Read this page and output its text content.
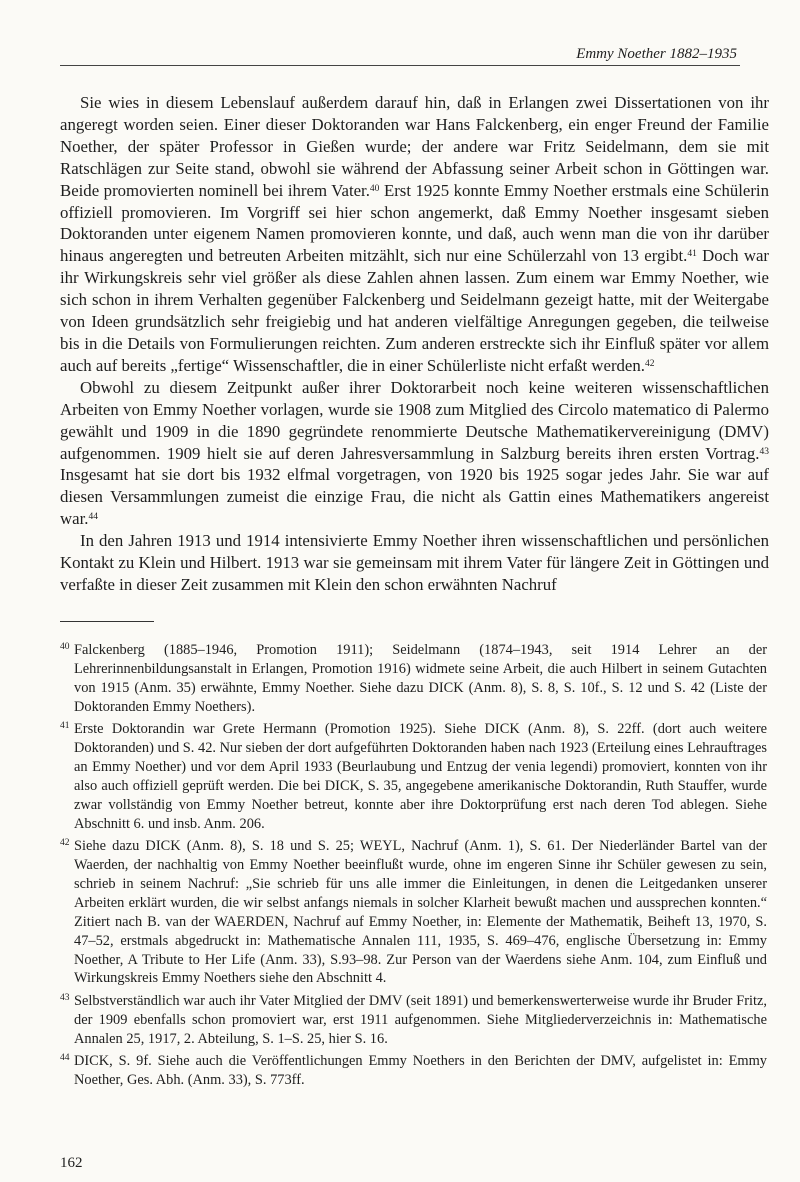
Emmy Noether 1882–1935

Sie wies in diesem Lebenslauf außerdem darauf hin, daß in Erlangen zwei Dissertationen von ihr angeregt worden seien. Einer dieser Doktoranden war Hans Falckenberg, ein enger Freund der Familie Noether, der später Professor in Gießen wurde; der andere war Fritz Seidelmann, dem sie mit Ratschlägen zur Seite stand, obwohl sie während der Abfassung seiner Arbeit schon in Göttingen war. Beide promovierten nominell bei ihrem Vater.$^{40}$ Erst 1925 konnte Emmy Noether erstmals eine Schülerin offiziell promovieren. Im Vorgriff sei hier schon angemerkt, daß Emmy Noether insgesamt sieben Doktoranden unter eigenem Namen promovieren konnte, und daß, auch wenn man die von ihr darüber hinaus angeregten und betreuten Arbeiten mitzählt, sich nur eine Schülerzahl von 13 ergibt.$^{41}$ Doch war ihr Wirkungskreis sehr viel größer als diese Zahlen ahnen lassen. Zum einem war Emmy Noether, wie sich schon in ihrem Verhalten gegenüber Falckenberg und Seidelmann gezeigt hatte, mit der Weitergabe von Ideen grundsätzlich sehr freigiebig und hat anderen vielfältige Anregungen gegeben, die teilweise bis in die Details von Formulierungen reichten. Zum anderen erstreckte sich ihr Einfluß später vor allem auch auf bereits „fertige“ Wissenschaftler, die in einer Schülerliste nicht erfaßt werden.$^{42}$

Obwohl zu diesem Zeitpunkt außer ihrer Doktorarbeit noch keine weiteren wissenschaftlichen Arbeiten von Emmy Noether vorlagen, wurde sie 1908 zum Mitglied des Circolo matematico di Palermo gewählt und 1909 in die 1890 gegründete renommierte Deutsche Mathematikervereinigung (DMV) aufgenommen. 1909 hielt sie auf deren Jahresversammlung in Salzburg bereits ihren ersten Vortrag.$^{43}$ Insgesamt hat sie dort bis 1932 elfmal vorgetragen, von 1920 bis 1925 sogar jedes Jahr. Sie war auf diesen Versammlungen zumeist die einzige Frau, die nicht als Gattin eines Mathematikers angereist war.$^{44}$

In den Jahren 1913 und 1914 intensivierte Emmy Noether ihren wissenschaftlichen und persönlichen Kontakt zu Klein und Hilbert. 1913 war sie gemeinsam mit ihrem Vater für längere Zeit in Göttingen und verfaßte in dieser Zeit zusammen mit Klein den schon erwähnten Nachruf

40 Falckenberg (1885–1946, Promotion 1911); Seidelmann (1874–1943, seit 1914 Lehrer an der Lehrerinnenbildungsanstalt in Erlangen, Promotion 1916) widmete seine Arbeit, die auch Hilbert in seinem Gutachten von 1915 (Anm. 35) erwähnte, Emmy Noether. Siehe dazu DICK (Anm. 8), S. 8, S. 10f., S. 12 und S. 42 (Liste der Doktoranden Emmy Noethers).
41 Erste Doktorandin war Grete Hermann (Promotion 1925). Siehe DICK (Anm. 8), S. 22ff. (dort auch weitere Doktoranden) und S. 42. Nur sieben der dort aufgeführten Doktoranden haben nach 1923 (Erteilung eines Lehrauftrages an Emmy Noether) und vor dem April 1933 (Beurlaubung und Entzug der venia legendi) promoviert, konnten von ihr also auch offiziell geprüft werden. Die bei DICK, S. 35, angegebene amerikanische Doktorandin, Ruth Stauffer, wurde zwar vollständig von Emmy Noether betreut, konnte aber ihre Doktorprüfung erst nach deren Tod ablegen. Siehe Abschnitt 6. und insb. Anm. 206.
42 Siehe dazu DICK (Anm. 8), S. 18 und S. 25; WEYL, Nachruf (Anm. 1), S. 61. Der Niederländer Bartel van der Waerden, der nachhaltig von Emmy Noether beeinflußt wurde, ohne im engeren Sinne ihr Schüler gewesen zu sein, schrieb in seinem Nachruf: „Sie schrieb für uns alle immer die Einleitungen, in denen die Leitgedanken unserer Arbeiten erklärt wurden, die wir selbst anfangs niemals in solcher Klarheit bewußt machen und aussprechen konnten.“ Zitiert nach B. van der WAERDEN, Nachruf auf Emmy Noether, in: Elemente der Mathematik, Beiheft 13, 1970, S. 47–52, erstmals abgedruckt in: Mathematische Annalen 111, 1935, S. 469–476, englische Übersetzung in: Emmy Noether, A Tribute to Her Life (Anm. 33), S.93–98. Zur Person van der Waerdens siehe Anm. 104, zum Einfluß und Wirkungskreis Emmy Noethers siehe den Abschnitt 4.
43 Selbstverständlich war auch ihr Vater Mitglied der DMV (seit 1891) und bemerkenswerterweise wurde ihr Bruder Fritz, der 1909 ebenfalls schon promoviert war, erst 1911 aufgenommen. Siehe Mitgliederverzeichnis in: Mathematische Annalen 25, 1917, 2. Abteilung, S. 1–S. 25, hier S. 16.
44 DICK, S. 9f. Siehe auch die Veröffentlichungen Emmy Noethers in den Berichten der DMV, aufgelistet in: Emmy Noether, Ges. Abh. (Anm. 33), S. 773ff.
162
